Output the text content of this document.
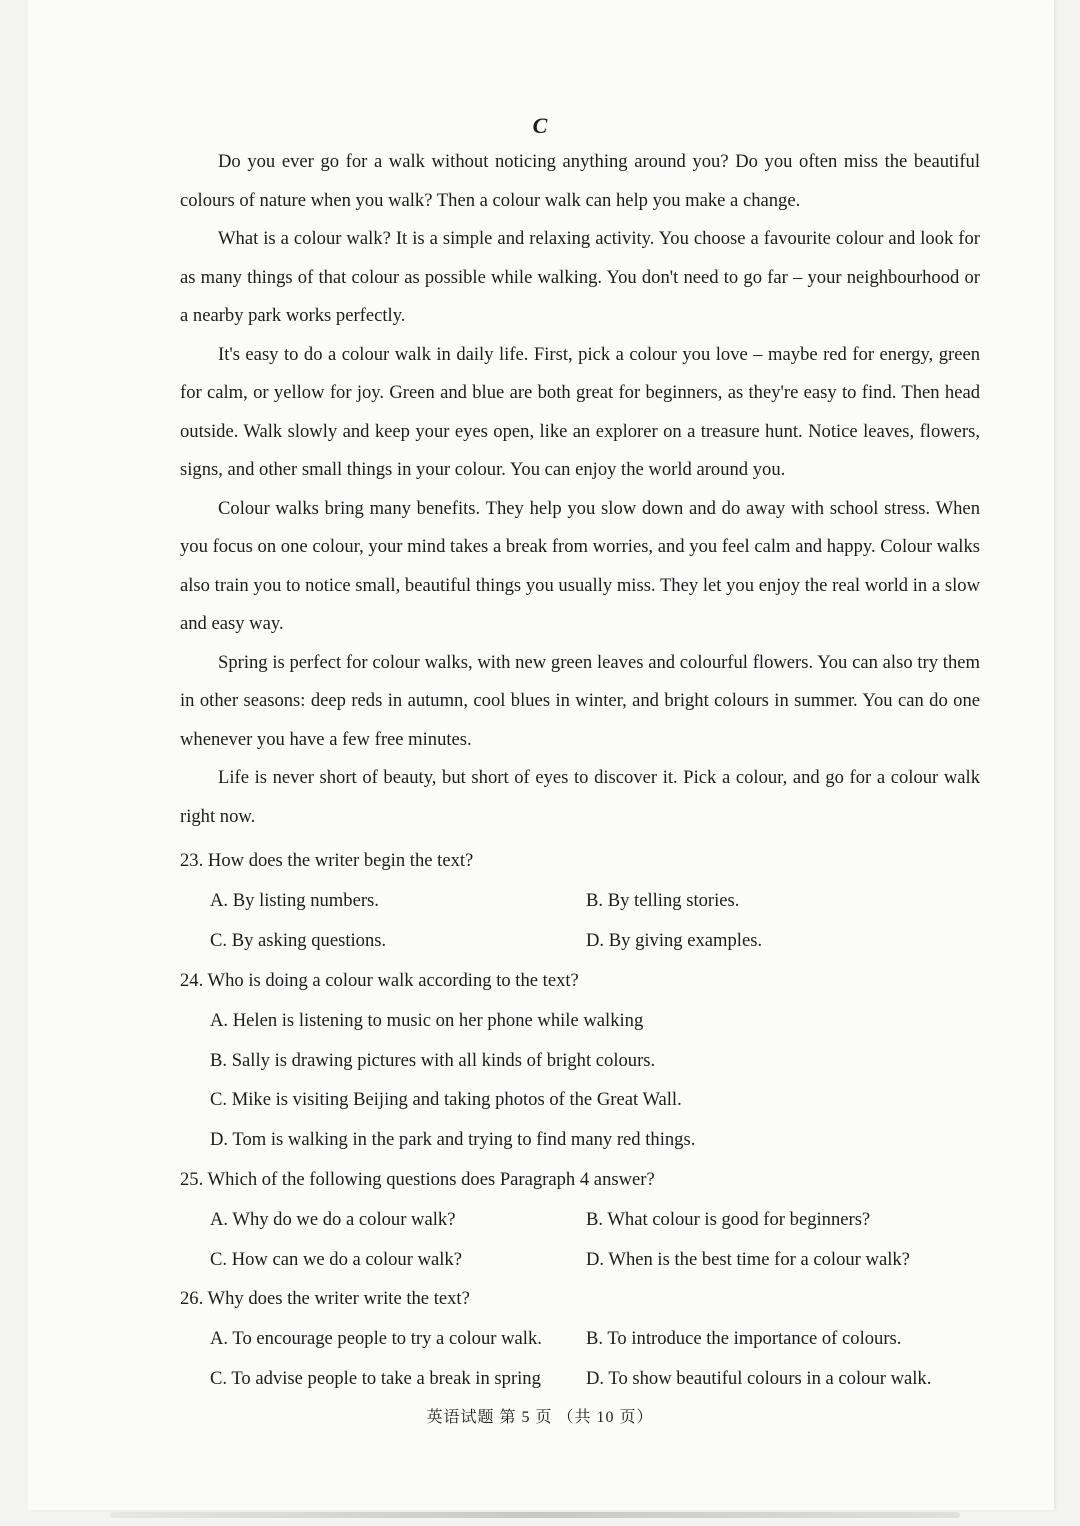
C

Do you ever go for a walk without noticing anything around you? Do you often miss the beautiful colours of nature when you walk? Then a colour walk can help you make a change.

What is a colour walk? It is a simple and relaxing activity. You choose a favourite colour and look for as many things of that colour as possible while walking. You don't need to go far – your neighbourhood or a nearby park works perfectly.

It's easy to do a colour walk in daily life. First, pick a colour you love – maybe red for energy, green for calm, or yellow for joy. Green and blue are both great for beginners, as they're easy to find. Then head outside. Walk slowly and keep your eyes open, like an explorer on a treasure hunt. Notice leaves, flowers, signs, and other small things in your colour. You can enjoy the world around you.

Colour walks bring many benefits. They help you slow down and do away with school stress. When you focus on one colour, your mind takes a break from worries, and you feel calm and happy. Colour walks also train you to notice small, beautiful things you usually miss. They let you enjoy the real world in a slow and easy way.

Spring is perfect for colour walks, with new green leaves and colourful flowers. You can also try them in other seasons: deep reds in autumn, cool blues in winter, and bright colours in summer. You can do one whenever you have a few free minutes.

Life is never short of beauty, but short of eyes to discover it. Pick a colour, and go for a colour walk right now.

23. How does the writer begin the text?
A. By listing numbers.	B. By telling stories.
C. By asking questions.	D. By giving examples.
24. Who is doing a colour walk according to the text?
A. Helen is listening to music on her phone while walking
B. Sally is drawing pictures with all kinds of bright colours.
C. Mike is visiting Beijing and taking photos of the Great Wall.
D. Tom is walking in the park and trying to find many red things.
25. Which of the following questions does Paragraph 4 answer?
A. Why do we do a colour walk?	B. What colour is good for beginners?
C. How can we do a colour walk?	D. When is the best time for a colour walk?
26. Why does the writer write the text?
A. To encourage people to try a colour walk. B. To introduce the importance of colours.
C. To advise people to take a break in spring D. To show beautiful colours in a colour walk.
英语试题 第 5 页 （共 10 页）
